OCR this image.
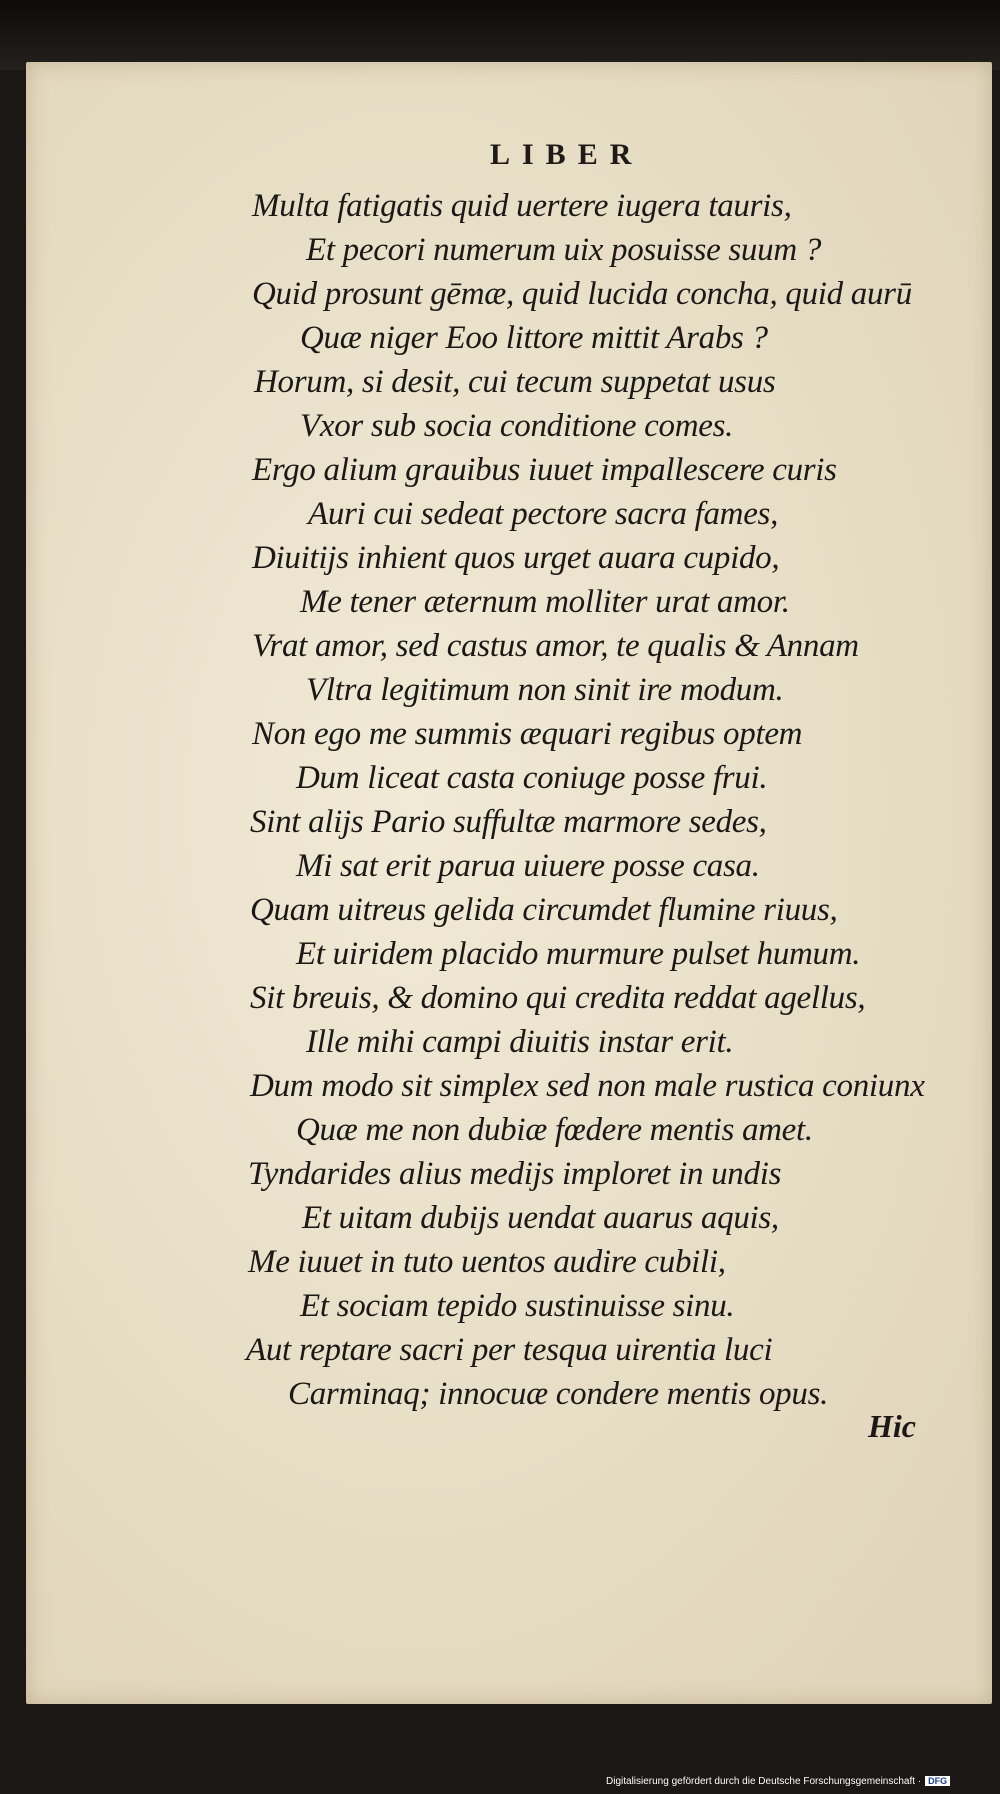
LIBER
Multa fatigatis quid uertere iugera tauris,
Et pecori numerum uix posuisse suum ?
Quid prosunt gēmæ, quid lucida concha, quid aurū
Quæ niger Eoo littore mittit Arabs ?
Horum, si desit, cui tecum suppetat usus
Vxor sub socia conditione comes.
Ergo alium grauibus iuuet impallescere curis
Auri cui sedeat pectore sacra fames,
Diuitijs inhient quos urget auara cupido,
Me tener æternum molliter urat amor.
Vrat amor, sed castus amor, te qualis & Annam
Vltra legitimum non sinit ire modum.
Non ego me summis æquari regibus optem
Dum liceat casta coniuge posse frui.
Sint alijs Pario suffultæ marmore sedes,
Mi sat erit parua uiuere posse casa.
Quam uitreus gelida circumdet flumine riuus,
Et uiridem placido murmure pulset humum.
Sit breuis, & domino qui credita reddat agellus,
Ille mihi campi diuitis instar erit.
Dum modo sit simplex sed non male rustica coniunx
Quæ me non dubiæ fœdere mentis amet.
Tyndarides alius medijs imploret in undis
Et uitam dubijs uendat auarus aquis,
Me iuuet in tuto uentos audire cubili,
Et sociam tepido sustinuisse sinu.
Aut reptare sacri per tesqua uirentia luci
Carminaq; innocuæ condere mentis opus.
Hic
Digitalisierung gefördert durch die Deutsche Forschungsgemeinschaft · DFG
